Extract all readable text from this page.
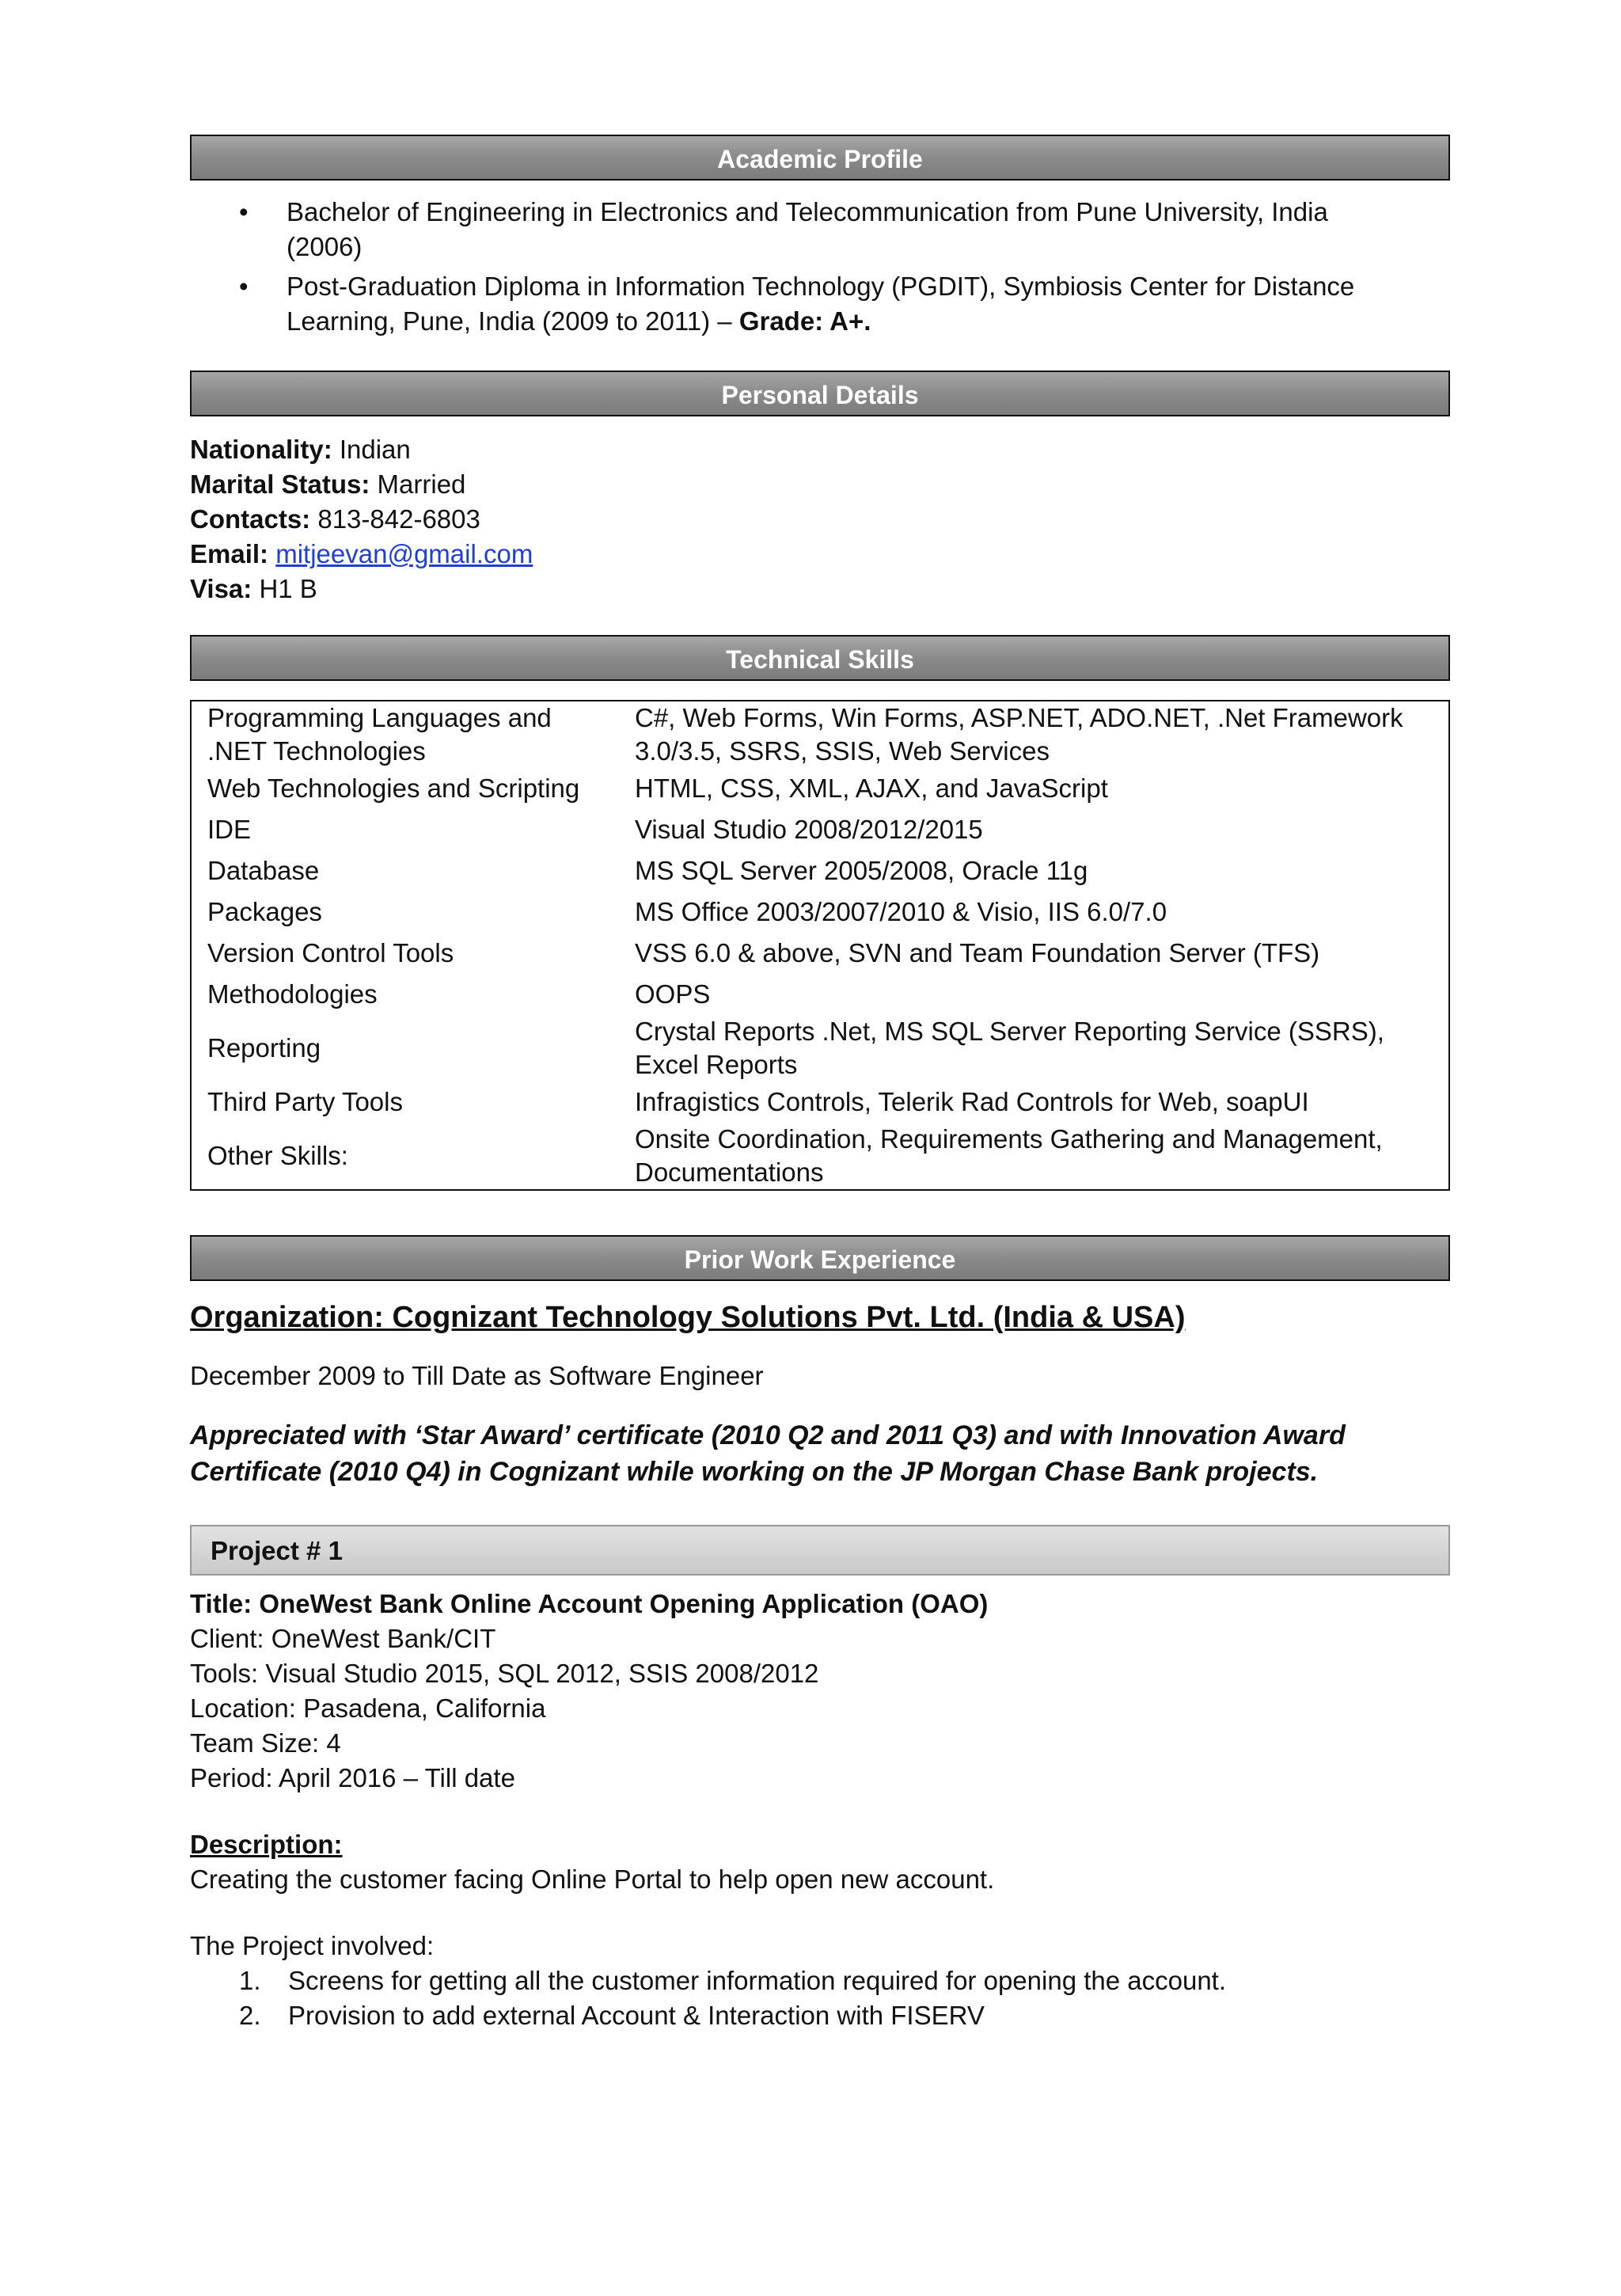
Academic Profile
• Bachelor of Engineering in Electronics and Telecommunication from Pune University, India (2006)
• Post-Graduation Diploma in Information Technology (PGDIT), Symbiosis Center for Distance Learning, Pune, India (2009 to 2011) – Grade: A+.
Personal Details
Nationality: Indian
Marital Status: Married
Contacts: 813-842-6803
Email: mitjeevan@gmail.com
Visa: H1 B
Technical Skills
Programming Languages and .NET Technologies	C#, Web Forms, Win Forms, ASP.NET, ADO.NET, .Net Framework 3.0/3.5, SSRS, SSIS, Web Services
Web Technologies and Scripting	HTML, CSS, XML, AJAX, and JavaScript
IDE	Visual Studio 2008/2012/2015
Database	MS SQL Server 2005/2008, Oracle 11g
Packages	MS Office 2003/2007/2010 & Visio, IIS 6.0/7.0
Version Control Tools	VSS 6.0 & above, SVN and Team Foundation Server (TFS)
Methodologies	OOPS
Reporting	Crystal Reports .Net, MS SQL Server Reporting Service (SSRS), Excel Reports
Third Party Tools	Infragistics Controls, Telerik Rad Controls for Web, soapUI
Other Skills:	Onsite Coordination, Requirements Gathering and Management, Documentations
Prior Work Experience
Organization: Cognizant Technology Solutions Pvt. Ltd. (India & USA)
December 2009 to Till Date as Software Engineer
Appreciated with ‘Star Award’ certificate (2010 Q2 and 2011 Q3) and with Innovation Award Certificate (2010 Q4) in Cognizant while working on the JP Morgan Chase Bank projects.
Project # 1
Title: OneWest Bank Online Account Opening Application (OAO)
Client: OneWest Bank/CIT
Tools: Visual Studio 2015, SQL 2012, SSIS 2008/2012
Location: Pasadena, California
Team Size: 4
Period: April 2016 – Till date
Description:
Creating the customer facing Online Portal to help open new account.
The Project involved:
1. Screens for getting all the customer information required for opening the account.
2. Provision to add external Account & Interaction with FISERV
